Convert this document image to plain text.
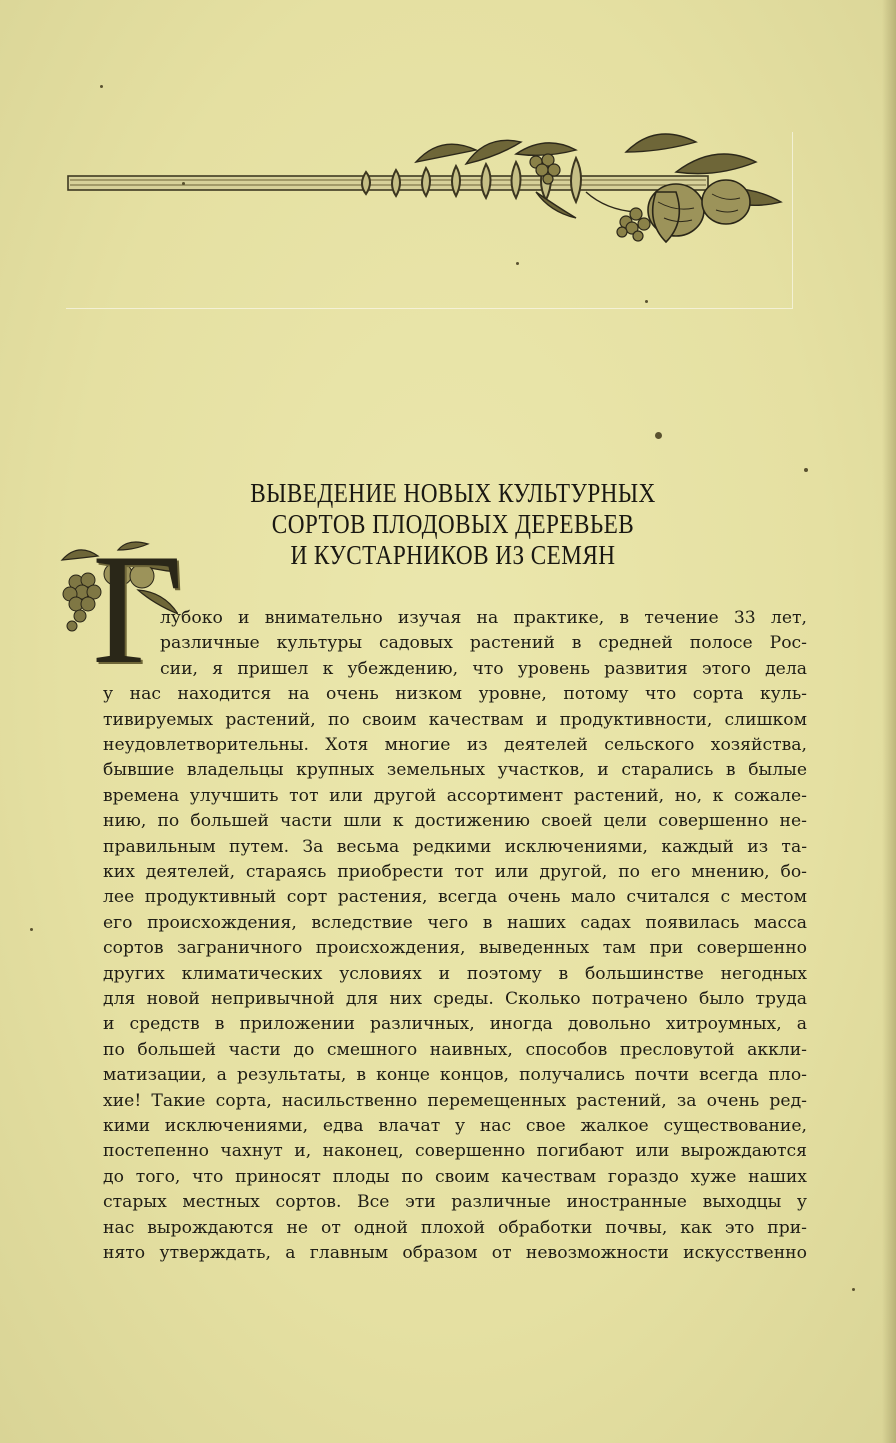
ВЫВЕДЕНИЕ НОВЫХ КУЛЬТУРНЫХ
СОРТОВ ПЛОДОВЫХ ДЕРЕВЬЕВ
И КУСТАРНИКОВ ИЗ СЕМЯН
Г
лубоко и внимательно изучая на практике, в течение 33 лет,
различные культуры садовых растений в средней полосе Рос-
сии, я пришел к убеждению, что уровень развития этого дела
у нас находится на очень низком уровне, потому что сорта куль-
тивируемых растений, по своим качествам и продуктивности, слишком
неудовлетворительны. Хотя многие из деятелей сельского хозяйства,
бывшие владельцы крупных земельных участков, и старались в былые
времена улучшить тот или другой ассортимент растений, но, к сожале-
нию, по большей части шли к достижению своей цели совершенно не-
правильным путем. За весьма редкими исключениями, каждый из та-
ких деятелей, стараясь приобрести тот или другой, по его мнению, бо-
лее продуктивный сорт растения, всегда очень мало считался с местом
его происхождения, вследствие чего в наших садах появилась масса
сортов заграничного происхождения, выведенных там при совершенно
других климатических условиях и поэтому в большинстве негодных
для новой непривычной для них среды. Сколько потрачено было труда
и средств в приложении различных, иногда довольно хитроумных, а
по большей части до смешного наивных, способов пресловутой аккли-
матизации, а результаты, в конце концов, получались почти всегда пло-
хие! Такие сорта, насильственно перемещенных растений, за очень ред-
кими исключениями, едва влачат у нас свое жалкое существование,
постепенно чахнут и, наконец, совершенно погибают или вырождаются
до того, что приносят плоды по своим качествам гораздо хуже наших
старых местных сортов. Все эти различные иностранные выходцы у
нас вырождаются не от одной плохой обработки почвы, как это при-
нято утверждать, а главным образом от невозможности искусственно
